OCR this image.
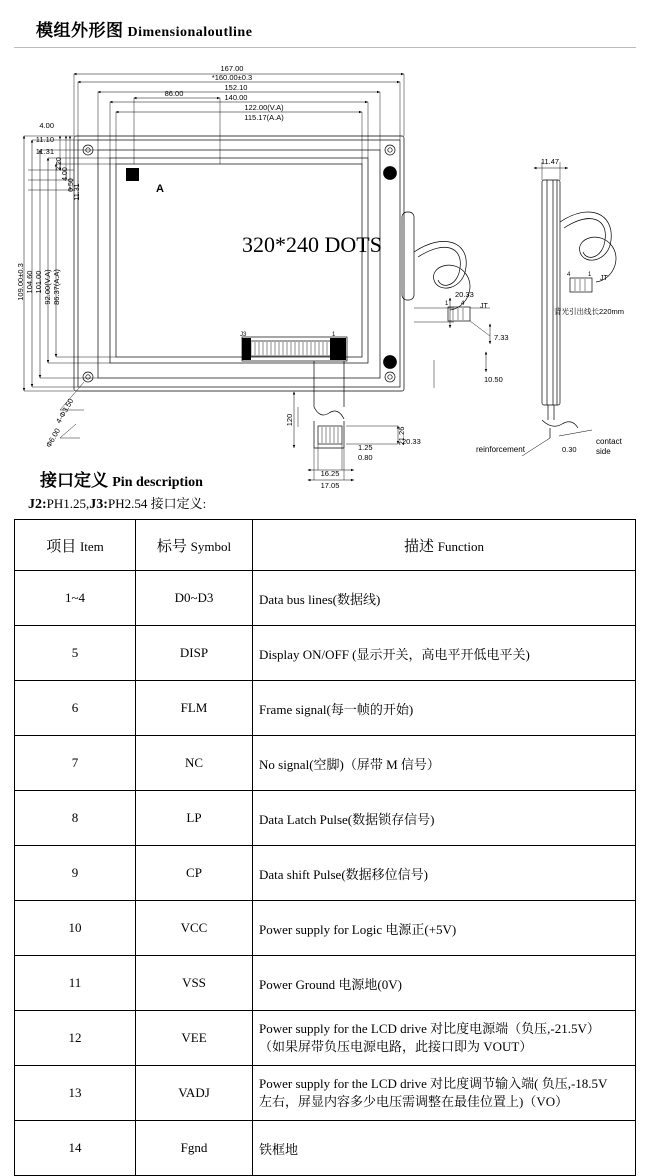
模组外形图 Dimensionaloutline
167.00
*160.00±0.3
152.10
140.00
86.00
122.00(V.A)
115.17(A.A)
4.00
11.10
11.31
109.00±0.3 104.60 101.00 92.00(V.A) 86.37(A.A)
2.20
4.00
6.50 11.31	A
320*240 DOTS
JT
1 4
J3	1
20.33
7.33
10.50
20.33
120
21.26
1.25
0.80
16.25
17.05
4-Φ3.50
Φ6.00
11.47
JT
4	1
背光引出线长220mm
reinforcement	0.30
contact
side
接口定义 Pin description
J2:PH1.25,J3:PH2.54 接口定义:
项目 Item	标号 Symbol	描述 Function
1~4	D0~D3	Data bus lines(数据线)
5	DISP	Display ON/OFF (显示开关，高电平开低电平关)
6	FLM	Frame signal(每一帧的开始)
7	NC	No signal(空脚)（屏带 M 信号）
8	LP	Data Latch Pulse(数据锁存信号)
9	CP	Data shift Pulse(数据移位信号)
10	VCC	Power supply for Logic 电源正(+5V)
11	VSS	Power Ground 电源地(0V)
12	VEE	Power supply for the LCD drive 对比度电源端（负压,-21.5V）
（如果屏带负压电源电路，此接口即为 VOUT）

13	VADJ	Power supply for the LCD drive 对比度调节输入端( 负压,-18.5V
左右，屏显内容多少电压需调整在最佳位置上)（VO）

14	Fgnd	铁框地
